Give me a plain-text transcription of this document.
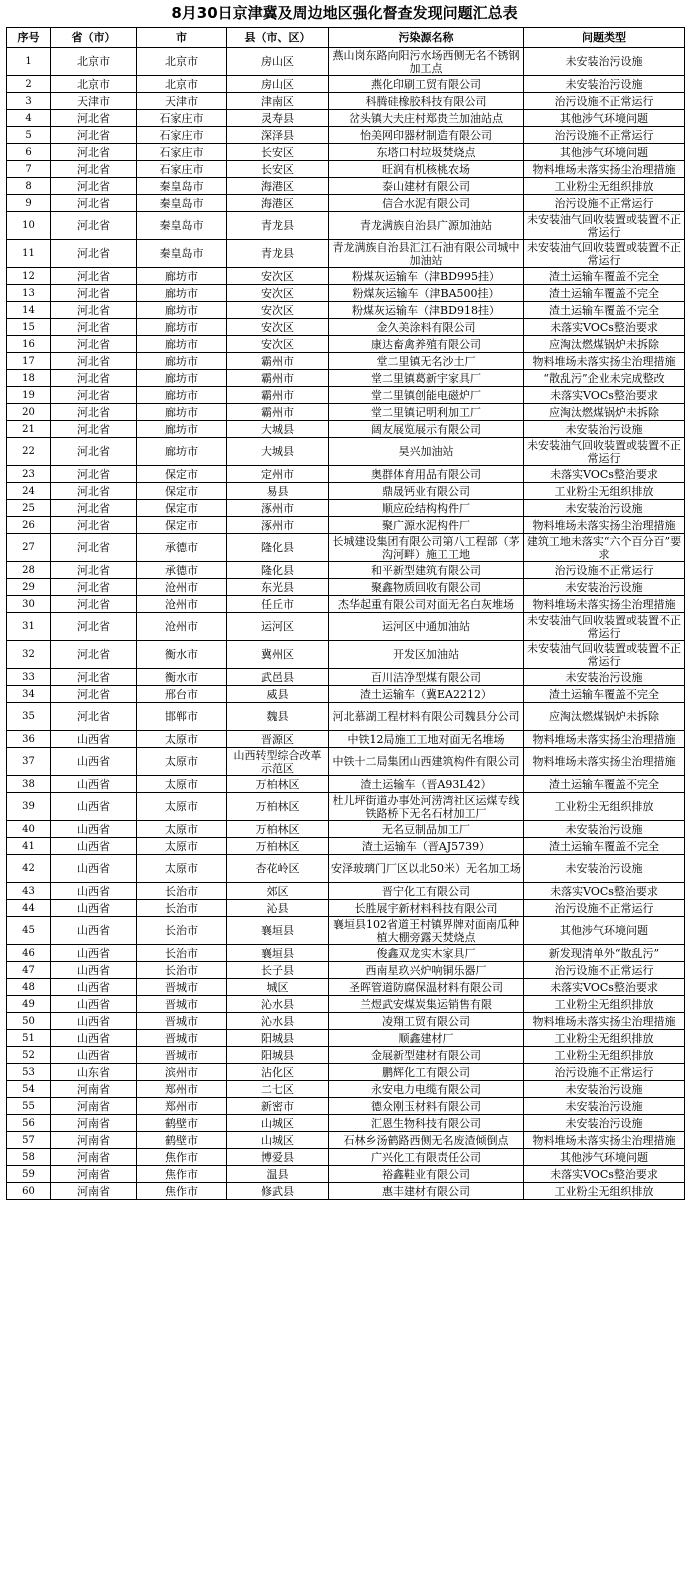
8月30日京津冀及周边地区强化督查发现问题汇总表
序号	省（市）	市	县（市、区）	污染源名称	问题类型
1	北京市	北京市	房山区	燕山岗东路向阳污水场西侧无名不锈钢加工点	未安装治污设施
2	北京市	北京市	房山区	燕化印刷工贸有限公司	未安装治污设施
3	天津市	天津市	津南区	科腾硅橡胶科技有限公司	治污设施不正常运行
4	河北省	石家庄市	灵寿县	岔头镇大夫庄村郑贵兰加油站点	其他涉气环境问题
5	河北省	石家庄市	深泽县	怡美网印器材制造有限公司	治污设施不正常运行
6	河北省	石家庄市	长安区	东塔口村垃圾焚烧点	其他涉气环境问题
7	河北省	石家庄市	长安区	旺润有机核桃农场	物料堆场未落实扬尘治理措施
8	河北省	秦皇岛市	海港区	泰山建材有限公司	工业粉尘无组织排放
9	河北省	秦皇岛市	海港区	信合水泥有限公司	治污设施不正常运行
10	河北省	秦皇岛市	青龙县	青龙满族自治县广源加油站	未安装油气回收装置或装置不正常运行
11	河北省	秦皇岛市	青龙县	青龙满族自治县汇江石油有限公司城中加油站	未安装油气回收装置或装置不正常运行
12	河北省	廊坊市	安次区	粉煤灰运输车（津BD995挂）	渣土运输车覆盖不完全
13	河北省	廊坊市	安次区	粉煤灰运输车（津BA500挂）	渣土运输车覆盖不完全
14	河北省	廊坊市	安次区	粉煤灰运输车（津BD918挂）	渣土运输车覆盖不完全
15	河北省	廊坊市	安次区	金久美涂料有限公司	未落实VOCs整治要求
16	河北省	廊坊市	安次区	康达畜禽养殖有限公司	应淘汰燃煤锅炉未拆除
17	河北省	廊坊市	霸州市	堂二里镇无名沙土厂	物料堆场未落实扬尘治理措施
18	河北省	廊坊市	霸州市	堂二里镇葛新宇家具厂	“散乱污”企业未完成整改
19	河北省	廊坊市	霸州市	堂二里镇创能电磁炉厂	未落实VOCs整治要求
20	河北省	廊坊市	霸州市	堂二里镇记明利加工厂	应淘汰燃煤锅炉未拆除
21	河北省	廊坊市	大城县	阔友展览展示有限公司	未安装治污设施
22	河北省	廊坊市	大城县	昊兴加油站	未安装油气回收装置或装置不正常运行
23	河北省	保定市	定州市	奥群体育用品有限公司	未落实VOCs整治要求
24	河北省	保定市	易县	鼎晟钙业有限公司	工业粉尘无组织排放
25	河北省	保定市	涿州市	顺应砼结构构件厂	未安装治污设施
26	河北省	保定市	涿州市	聚广源水泥构件厂	物料堆场未落实扬尘治理措施
27	河北省	承德市	隆化县	长城建设集团有限公司第八工程部（茅沟河畔）施工工地	建筑工地未落实“六个百分百”要求
28	河北省	承德市	隆化县	和平新型建筑有限公司	治污设施不正常运行
29	河北省	沧州市	东光县	聚鑫物质回收有限公司	未安装治污设施
30	河北省	沧州市	任丘市	杰华起重有限公司对面无名白灰堆场	物料堆场未落实扬尘治理措施
31	河北省	沧州市	运河区	运河区中通加油站	未安装油气回收装置或装置不正常运行
32	河北省	衡水市	冀州区	开发区加油站	未安装油气回收装置或装置不正常运行
33	河北省	衡水市	武邑县	百川洁净型煤有限公司	未安装治污设施
34	河北省	邢台市	威县	渣土运输车（冀EA2212）	渣土运输车覆盖不完全
35	河北省	邯郸市	魏县	河北慕湖工程材料有限公司魏县分公司	应淘汰燃煤锅炉未拆除
36	山西省	太原市	晋源区	中铁12局施工工地对面无名堆场	物料堆场未落实扬尘治理措施
37	山西省	太原市	山西转型综合改革示范区	中铁十二局集团山西建筑构件有限公司	物料堆场未落实扬尘治理措施
38	山西省	太原市	万柏林区	渣土运输车（晋A93L42）	渣土运输车覆盖不完全
39	山西省	太原市	万柏林区	杜儿坪街道办事处河涝湾社区运煤专线铁路桥下无名石材加工厂	工业粉尘无组织排放
40	山西省	太原市	万柏林区	无名豆制品加工厂	未安装治污设施
41	山西省	太原市	万柏林区	渣土运输车（晋AJ5739）	渣土运输车覆盖不完全
42	山西省	太原市	杏花岭区	安泽玻璃门厂区以北50米）无名加工场	未安装治污设施
43	山西省	长治市	郊区	晋宁化工有限公司	未落实VOCs整治要求
44	山西省	长治市	沁县	长胜展宇新材料科技有限公司	治污设施不正常运行
45	山西省	长治市	襄垣县	襄垣县102省道王村镇界牌对面南瓜种植大棚旁露天焚烧点	其他涉气环境问题
46	山西省	长治市	襄垣县	俊鑫双龙实木家具厂	新发现清单外“散乱污”
47	山西省	长治市	长子县	西南星玖兴炉响铜乐器厂	治污设施不正常运行
48	山西省	晋城市	城区	圣晖管道防腐保温材料有限公司	未落实VOCs整治要求
49	山西省	晋城市	沁水县	兰煜武安煤炭集运销售有限	工业粉尘无组织排放
50	山西省	晋城市	沁水县	凌翔工贸有限公司	物料堆场未落实扬尘治理措施
51	山西省	晋城市	阳城县	顺鑫建材厂	工业粉尘无组织排放
52	山西省	晋城市	阳城县	金展新型建材有限公司	工业粉尘无组织排放
53	山东省	滨州市	沾化区	鹏辉化工有限公司	治污设施不正常运行
54	河南省	郑州市	二七区	永安电力电缆有限公司	未安装治污设施
55	河南省	郑州市	新密市	德众刚玉材料有限公司	未安装治污设施
56	河南省	鹤壁市	山城区	汇恩生物科技有限公司	未安装治污设施
57	河南省	鹤壁市	山城区	石林乡汤鹤路西侧无名废渣倾倒点	物料堆场未落实扬尘治理措施
58	河南省	焦作市	博爱县	广兴化工有限责任公司	其他涉气环境问题
59	河南省	焦作市	温县	裕鑫鞋业有限公司	未落实VOCs整治要求
60	河南省	焦作市	修武县	惠丰建材有限公司	工业粉尘无组织排放
